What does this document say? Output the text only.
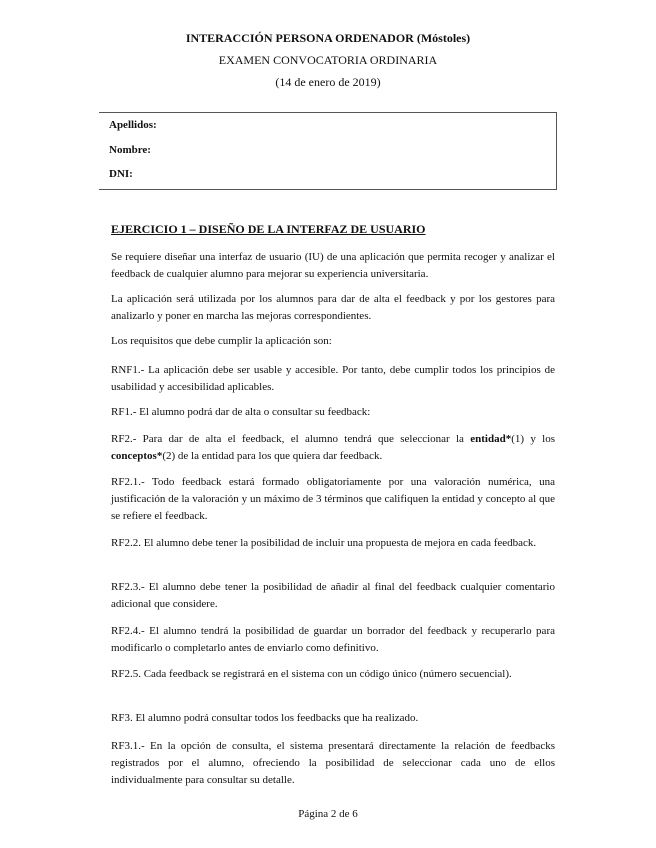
INTERACCIÓN PERSONA ORDENADOR (Móstoles)
EXAMEN CONVOCATORIA ORDINARIA
(14 de enero de 2019)
Apellidos:
Nombre:
DNI:
EJERCICIO 1 – DISEÑO DE LA INTERFAZ DE USUARIO
Se requiere diseñar una interfaz de usuario (IU) de una aplicación que permita recoger y analizar el feedback de cualquier alumno para mejorar su experiencia universitaria.
La aplicación será utilizada por los alumnos para dar de alta el feedback y por los gestores para analizarlo y poner en marcha las mejoras correspondientes.
Los requisitos que debe cumplir la aplicación son:
RNF1.- La aplicación debe ser usable y accesible. Por tanto, debe cumplir todos los principios de usabilidad y accesibilidad aplicables.
RF1.- El alumno podrá dar de alta o consultar su feedback:
RF2.- Para dar de alta el feedback, el alumno tendrá que seleccionar la entidad*(1) y los conceptos*(2) de la entidad para los que quiera dar feedback.
RF2.1.- Todo feedback estará formado obligatoriamente por una valoración numérica, una justificación de la valoración y un máximo de 3 términos que califiquen la entidad y concepto al que se refiere el feedback.
RF2.2. El alumno debe tener la posibilidad de incluir una propuesta de mejora en cada feedback.
RF2.3.- El alumno debe tener la posibilidad de añadir al final del feedback cualquier comentario adicional que considere.
RF2.4.- El alumno tendrá la posibilidad de guardar un borrador del feedback y recuperarlo para modificarlo o completarlo antes de enviarlo como definitivo.
RF2.5. Cada feedback se registrará en el sistema con un código único (número secuencial).
RF3. El alumno podrá consultar todos los feedbacks que ha realizado.
RF3.1.- En la opción de consulta, el sistema presentará directamente la relación de feedbacks registrados por el alumno, ofreciendo la posibilidad de seleccionar cada uno de ellos individualmente para consultar su detalle.
Página 2 de 6
